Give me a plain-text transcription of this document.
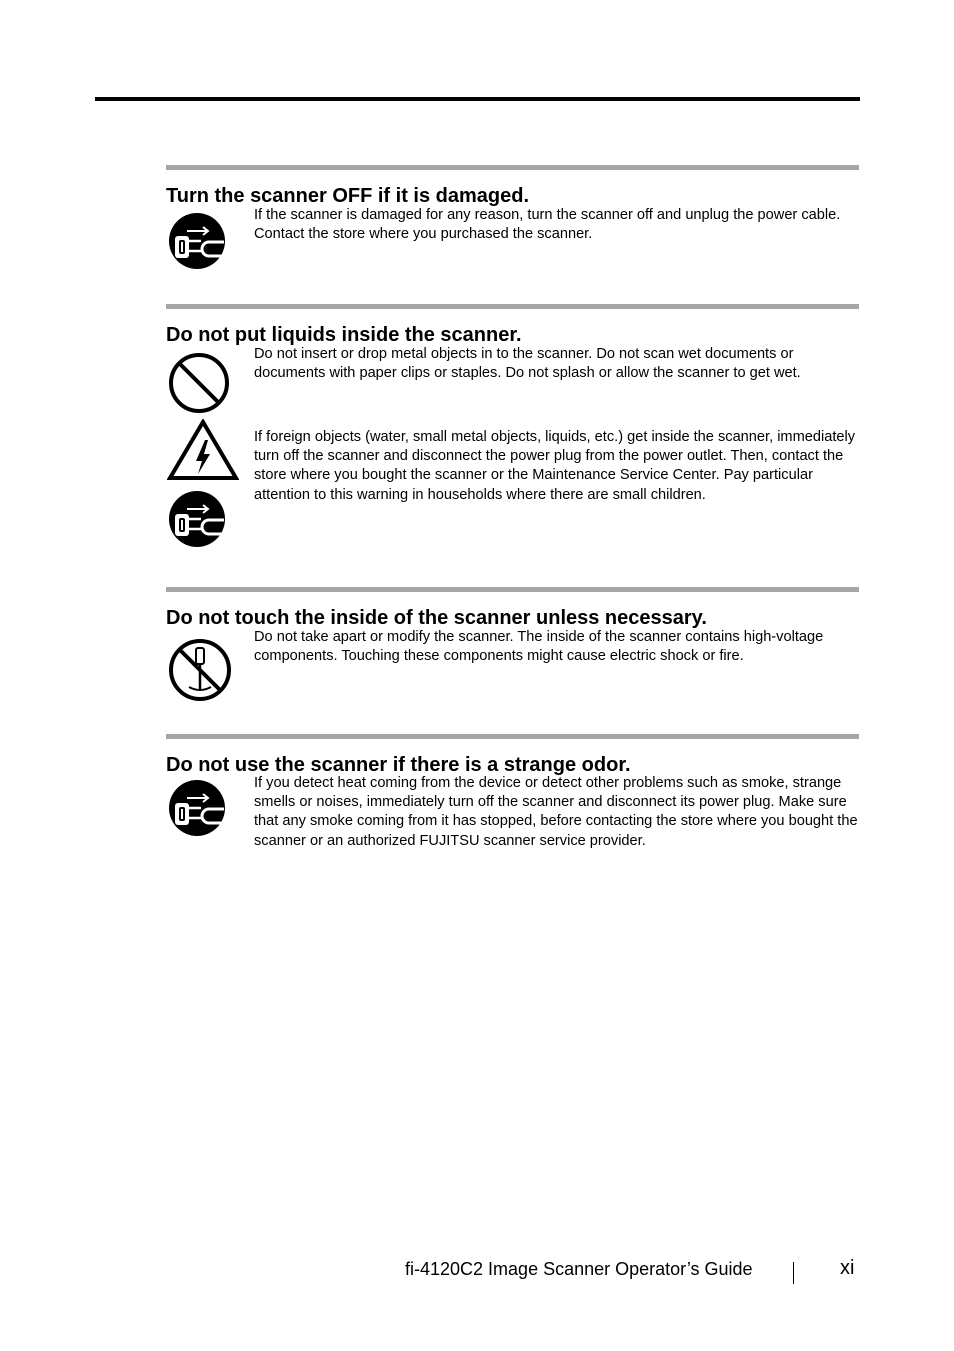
Turn the scanner OFF if it is damaged.

If the scanner is damaged for any reason, turn the scanner off and unplug the power cable. Contact the store where you purchased the scanner.

Do not put liquids inside the scanner.

Do not insert or drop metal objects in to the scanner. Do not scan wet documents or documents with paper clips or staples. Do not splash or allow the scanner to get wet.

If foreign objects (water, small metal objects, liquids, etc.) get inside the scanner, immediately turn off the scanner and disconnect the power plug from the power outlet. Then, contact the store where you bought the scanner or the Maintenance Service Center. Pay particular attention to this warning in households where there are small children.

Do not touch the inside of the scanner unless necessary.

Do not take apart or modify the scanner. The inside of the scanner contains high-voltage components. Touching these components might cause electric shock or fire.

Do not use the scanner if there is a strange odor.

If you detect heat coming from the device or detect other problems such as smoke, strange smells or noises, immediately turn off the scanner and disconnect its power plug. Make sure that any smoke coming from it has stopped, before contacting the store where you bought the scanner or an authorized FUJITSU scanner service provider.

fi-4120C2 Image Scanner Operator’s Guide	xi
